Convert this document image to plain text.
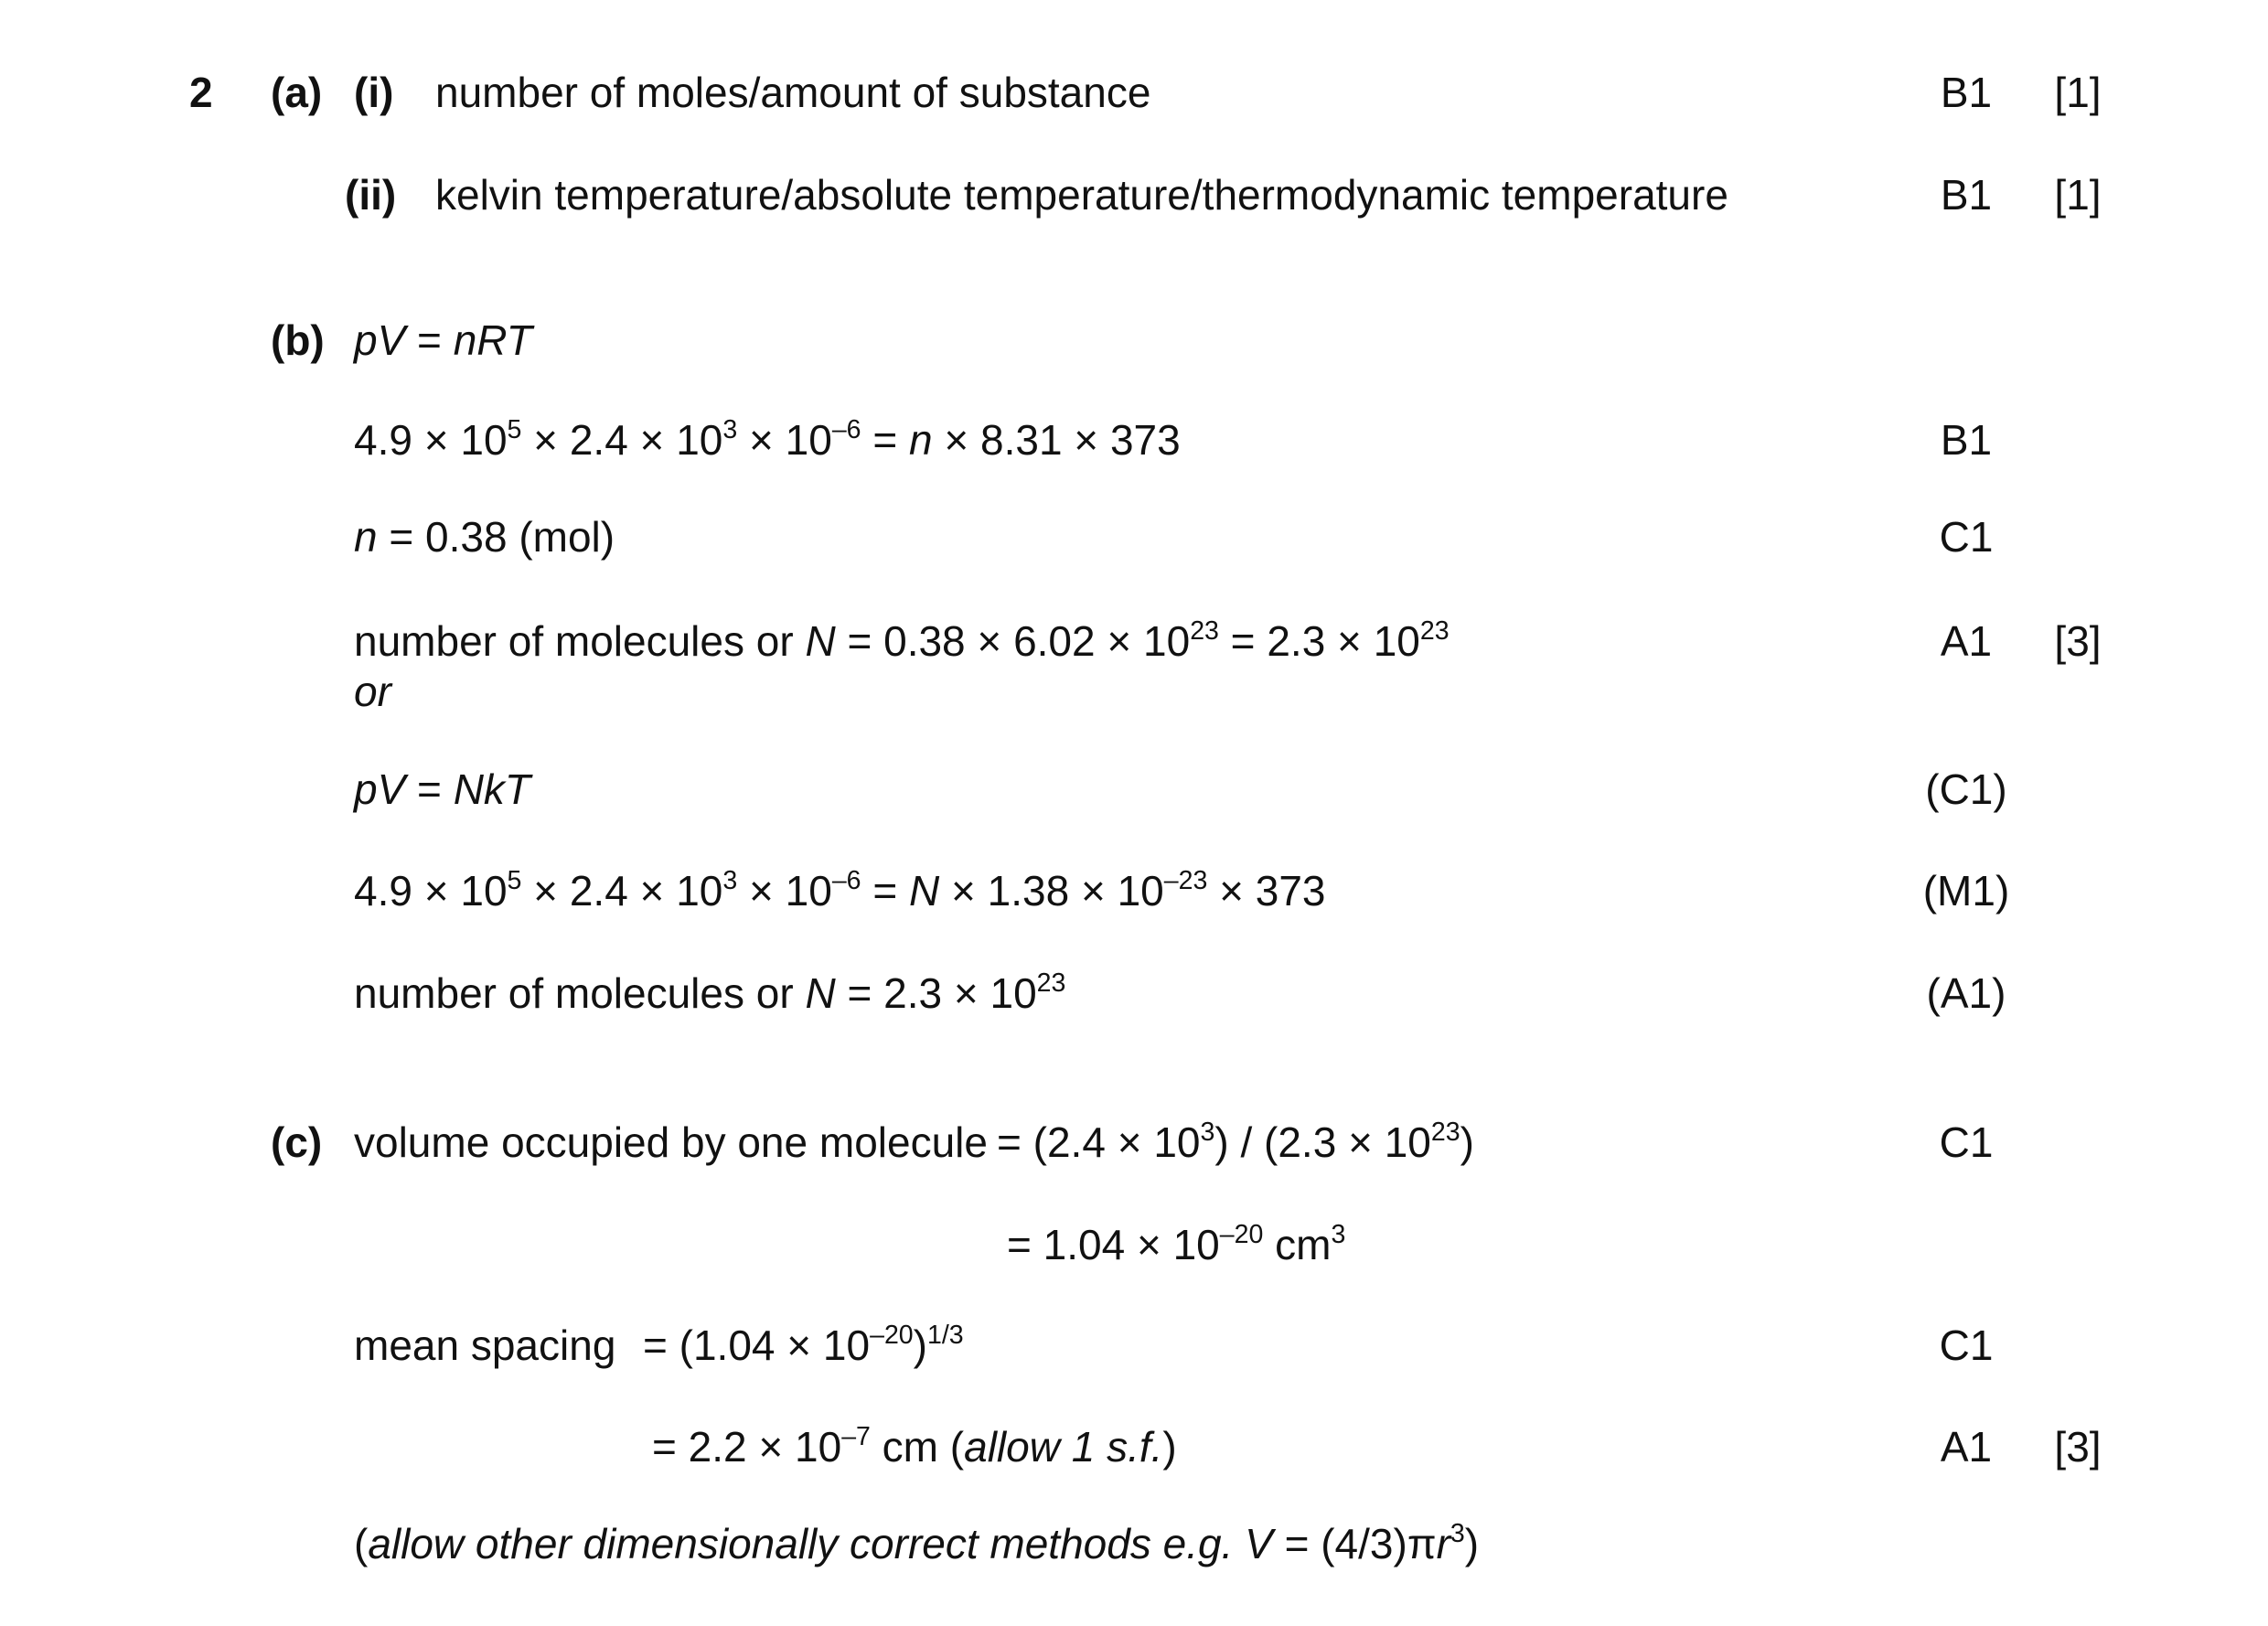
2 (a) (i) number of moles/amount of substance	B1	[1]
(ii) kelvin temperature/absolute temperature/thermodynamic temperature	B1	[1]
(b) pV = nRT
$4.9 \times 10^5 \times 2.4 \times 10^3 \times 10^{-6} = n \times 8.31 \times 373$	B1
n = 0.38 (mol)	C1
number of molecules or $N = 0.38 \times 6.02 \times 10^{23} = 2.3 \times 10^{23}$	A1	[3]
or
pV = NkT	(C1)
$4.9 \times 10^5 \times 2.4 \times 10^3 \times 10^{-6} = N \times 1.38 \times 10^{-23} \times 373$	(M1)
number of molecules or $N = 2.3 \times 10^{23}$	(A1)
(c) volume occupied by one molecule = $(2.4 \times 10^3) / (2.3 \times 10^{23})$	C1
= $1.04 \times 10^{-20}$ $cm^3$
mean spacing = $(1.04 \times 10^{-20})^{1/3}$	C1
= $2.2 \times 10^{-7}$ cm (allow 1 s.f.)	A1	[3]
(allow other dimensionally correct methods e.g. $V = (4/3)\pi r^3$)
